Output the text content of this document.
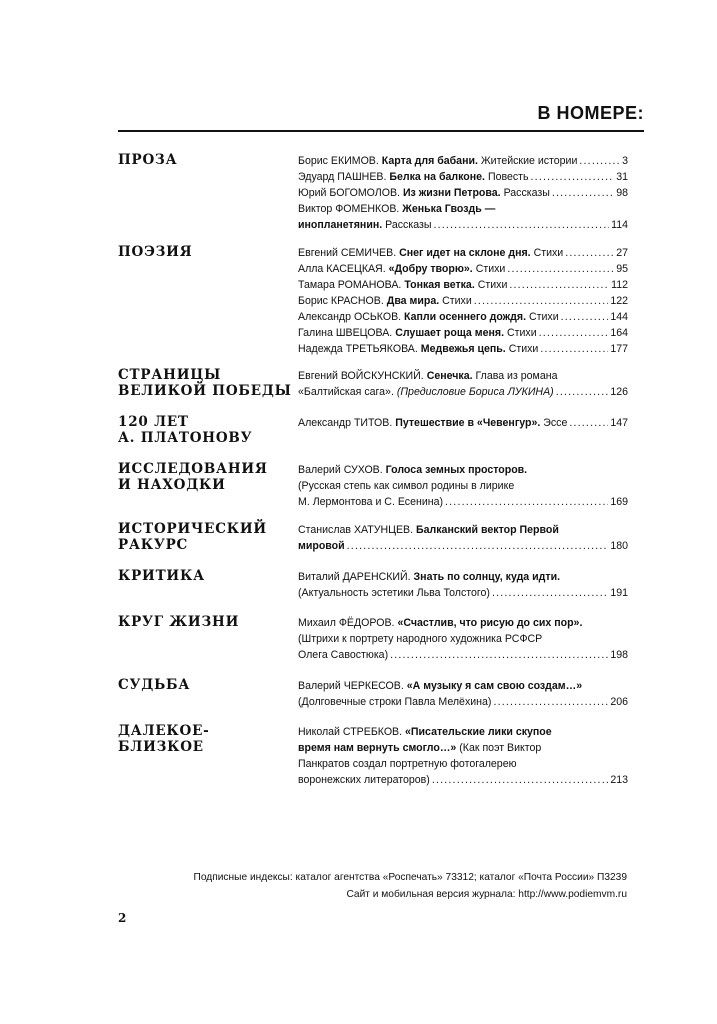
В НОМЕРЕ:
ПРОЗА	Борис ЕКИМОВ. Карта для бабани. Житейские истории .....	3
Эдуард ПАШНЕВ. Белка на балконе. Повесть .....	31
Юрий БОГОМОЛОВ. Из жизни Петрова. Рассказы .....	98
Виктор ФОМЕНКОВ. Женька Гвоздь —
инопланетянин. Рассказы .....	114
ПОЭЗИЯ	Евгений СЕМИЧЕВ. Снег идет на склоне дня. Стихи .....	27
Алла КАСЕЦКАЯ. «Добру творю». Стихи .....	95
Тамара РОМАНОВА. Тонкая ветка. Стихи .....	112
Борис КРАСНОВ. Два мира. Стихи .....	122
Александр ОСЬКОВ. Капли осеннего дождя. Стихи .....	144
Галина ШВЕЦОВА. Слушает роща меня. Стихи .....	164
Надежда ТРЕТЬЯКОВА. Медвежья цепь. Стихи .....	177
СТРАНИЦЫ
ВЕЛИКОЙ ПОБЕДЫ
Евгений ВОЙСКУНСКИЙ. Сенечка. Глава из романа
«Балтийская сага». (Предисловие Бориса ЛУКИНА) .....	126
120 ЛЕТ
А. ПЛАТОНОВУ
Александр ТИТОВ. Путешествие в «Чевенгур». Эссе .....	147
ИССЛЕДОВАНИЯ
И НАХОДКИ
Валерий СУХОВ. Голоса земных просторов.
(Русская степь как символ родины в лирике
М. Лермонтова и С. Есенина) .....	169
ИСТОРИЧЕСКИЙ
РАКУРС
Станислав ХАТУНЦЕВ. Балканский вектор Первой
мировой .....	180
КРИТИКА	Виталий ДАРЕНСКИЙ. Знать по солнцу, куда идти.
(Актуальность эстетики Льва Толстого) .....	191
КРУГ ЖИЗНИ	Михаил ФЁДОРОВ. «Счастлив, что рисую до сих пор».
(Штрихи к портрету народного художника РСФСР
Олега Савостюка) .....	198
СУДЬБА	Валерий ЧЕРКЕСОВ. «А музыку я сам свою создам…»
(Долговечные строки Павла Мелёхина) .....	206
ДАЛЕКОЕ-
БЛИЗКОЕ
Николай СТРЕБКОВ. «Писательские лики скупое
время нам вернуть смогло…» (Как поэт Виктор
Панкратов создал портретную фотогалерею
воронежских литераторов) .....	213
Подписные индексы: каталог агентства «Роспечать» 73312; каталог «Почта России» П3239
Сайт и мобильная версия журнала: http://www.podiemvm.ru
2
